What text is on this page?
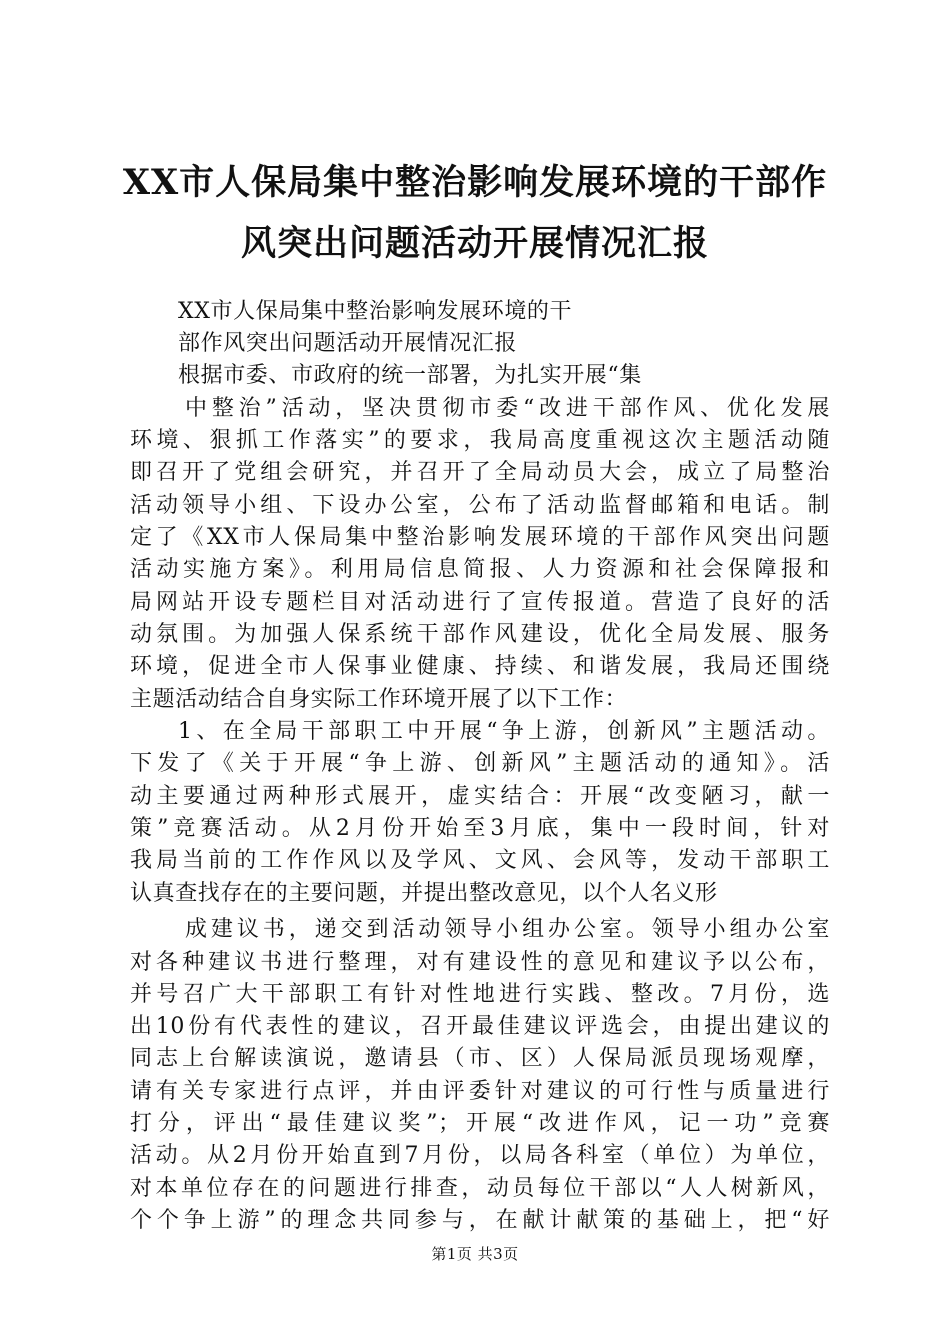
XX市人保局集中整治影响发展环境的干部作
风突出问题活动开展情况汇报

XX市人保局集中整治影响发展环境的干

部作风突出问题活动开展情况汇报

根据市委、市政府的统一部署，为扎实开展“集

中整治”活动，坚决贯彻市委“改进干部作风、优化发展

环境、狠抓工作落实”的要求，我局高度重视这次主题活动随

即召开了党组会研究，并召开了全局动员大会，成立了局整治

活动领导小组、下设办公室，公布了活动监督邮箱和电话。制

定了《XX市人保局集中整治影响发展环境的干部作风突出问题

活动实施方案》。利用局信息简报、人力资源和社会保障报和

局网站开设专题栏目对活动进行了宣传报道。营造了良好的活

动氛围。为加强人保系统干部作风建设，优化全局发展、服务

环境，促进全市人保事业健康、持续、和谐发展，我局还围绕

主题活动结合自身实际工作环境开展了以下工作：

1、在全局干部职工中开展“争上游，创新风”主题活动。

下发了《关于开展“争上游、创新风”主题活动的通知》。活

动主要通过两种形式展开，虚实结合：开展“改变陋习，献一

策”竞赛活动。从2月份开始至3月底，集中一段时间，针对

我局当前的工作作风以及学风、文风、会风等，发动干部职工

认真查找存在的主要问题，并提出整改意见，以个人名义形

成建议书，递交到活动领导小组办公室。领导小组办公室

对各种建议书进行整理，对有建设性的意见和建议予以公布，

并号召广大干部职工有针对性地进行实践、整改。7月份，选

出10份有代表性的建议，召开最佳建议评选会，由提出建议的

同志上台解读演说，邀请县（市、区）人保局派员现场观摩，

请有关专家进行点评，并由评委针对建议的可行性与质量进行

打分，评出“最佳建议奖”；开展“改进作风，记一功”竞赛

活动。从2月份开始直到7月份，以局各科室（单位）为单位，

对本单位存在的问题进行排查，动员每位干部以“人人树新风，

个个争上游”的理念共同参与，在献计献策的基础上，把“好

第1页 共3页
